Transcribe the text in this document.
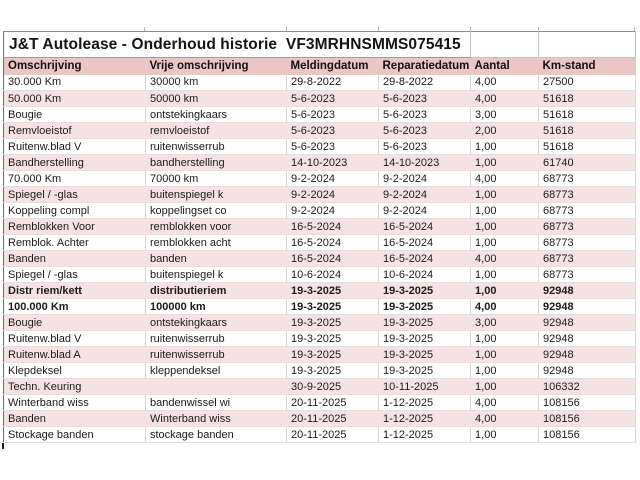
J&T Autolease - Onderhoud historie  VF3MRHNSMMS075415					
Omschrijving	Vrije omschrijving	Meldingdatum	Reparatiedatum	Aantal	Km-stand
30.000 Km	30000 km	29-8-2022	29-8-2022	4,00	27500
50.000 Km	50000 km	5-6-2023	5-6-2023	4,00	51618
Bougie	ontstekingkaars	5-6-2023	5-6-2023	3,00	51618
Remvloeistof	remvloeistof	5-6-2023	5-6-2023	2,00	51618
Ruitenw.blad V	ruitenwisserrub	5-6-2023	5-6-2023	1,00	51618
Bandherstelling	bandherstelling	14-10-2023	14-10-2023	1,00	61740
70.000 Km	70000 km	9-2-2024	9-2-2024	4,00	68773
Spiegel / -glas	buitenspiegel k	9-2-2024	9-2-2024	1,00	68773
Koppeling compl	koppelingset co	9-2-2024	9-2-2024	1,00	68773
Remblokken Voor	remblokken voor	16-5-2024	16-5-2024	1,00	68773
Remblok. Achter	remblokken acht	16-5-2024	16-5-2024	1,00	68773
Banden	banden	16-5-2024	16-5-2024	4,00	68773
Spiegel / -glas	buitenspiegel k	10-6-2024	10-6-2024	1,00	68773
Distr riem/kett	distributieriem	19-3-2025	19-3-2025	1,00	92948
100.000 Km	100000 km	19-3-2025	19-3-2025	4,00	92948
Bougie	ontstekingkaars	19-3-2025	19-3-2025	3,00	92948
Ruitenw.blad V	ruitenwisserrub	19-3-2025	19-3-2025	1,00	92948
Ruitenw.blad A	ruitenwisserrub	19-3-2025	19-3-2025	1,00	92948
Klepdeksel	kleppendeksel	19-3-2025	19-3-2025	1,00	92948
Techn. Keuring		30-9-2025	10-11-2025	1,00	106332
Winterband wiss	bandenwissel wi	20-11-2025	1-12-2025	4,00	108156
Banden	Winterband wiss	20-11-2025	1-12-2025	4,00	108156
Stockage banden	stockage banden	20-11-2025	1-12-2025	1,00	108156
